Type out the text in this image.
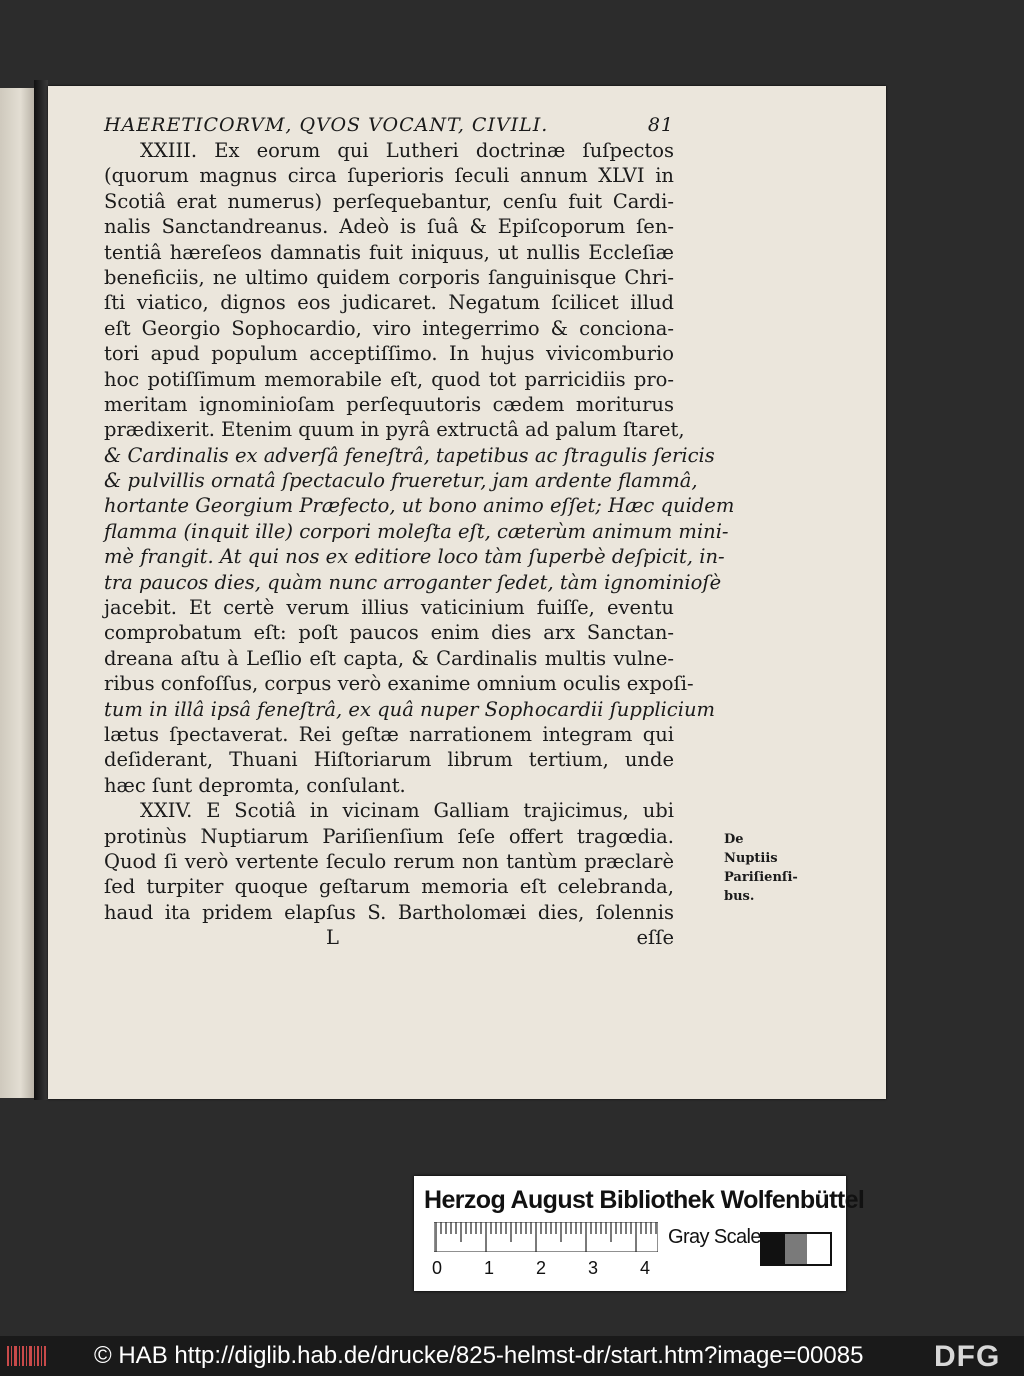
HAERETICORVM, QVOS VOCANT, CIVILI.	81
XXIII. Ex eorum qui Lutheri doctrinæ ſuſpectos
(quorum magnus circa ſuperioris ſeculi annum XLVI in
Scotiâ erat numerus) perſequebantur, cenſu fuit Cardi-
nalis Sanctandreanus. Adeò is ſuâ & Epiſcoporum ſen-
tentiâ hæreſeos damnatis fuit iniquus, ut nullis Eccleſiæ
beneficiis, ne ultimo quidem corporis ſanguinisque Chri-
ſti viatico, dignos eos judicaret. Negatum ſcilicet illud
eſt Georgio Sophocardio, viro integerrimo & conciona-
tori apud populum acceptiſſimo. In hujus vivicomburio
hoc potiſſimum memorabile eſt, quod tot parricidiis pro-
meritam ignominioſam perſequutoris cædem moriturus
prædixerit. Etenim quum in pyrâ extructâ ad palum ſtaret,
& Cardinalis ex adverſâ feneſtrâ, tapetibus ac ſtragulis ſericis
& pulvillis ornatâ ſpectaculo frueretur, jam ardente flammâ,
hortante Georgium Præfecto, ut bono animo eſſet; Hæc quidem
flamma (inquit ille) corpori moleſta eſt, cæterùm animum mini-
mè frangit. At qui nos ex editiore loco tàm ſuperbè deſpicit, in-
tra paucos dies, quàm nunc arroganter ſedet, tàm ignominioſè
jacebit. Et certè verum illius vaticinium fuiſſe, eventu
comprobatum eſt: poſt paucos enim dies arx Sanctan-
dreana aſtu à Leſlio eſt capta, & Cardinalis multis vulne-
ribus confoſſus, corpus verò exanime omnium oculis expoſi-
tum in illâ ipsâ feneſtrâ, ex quâ nuper Sophocardii ſupplicium
lætus ſpectaverat. Rei geſtæ narrationem integram qui
deſiderant, Thuani Hiſtoriarum librum tertium, unde
hæc ſunt depromta, conſulant.
XXIV. E Scotiâ in vicinam Galliam trajicimus, ubi
protinùs Nuptiarum Pariſienſium ſeſe offert tragœdia.
Quod ſi verò vertente ſeculo rerum non tantùm præclarè
ſed turpiter quoque geſtarum memoria eſt celebranda,
haud ita pridem elapſus S. Bartholomæi dies, ſolennis
L	eſſe
De Nuptiis
Pariſienſi-
bus.
Herzog August Bibliothek Wolfenbüttel
0 1 2 3 4
Gray Scale
© HAB http://diglib.hab.de/drucke/825-helmst-dr/start.htm?image=00085 DFG
